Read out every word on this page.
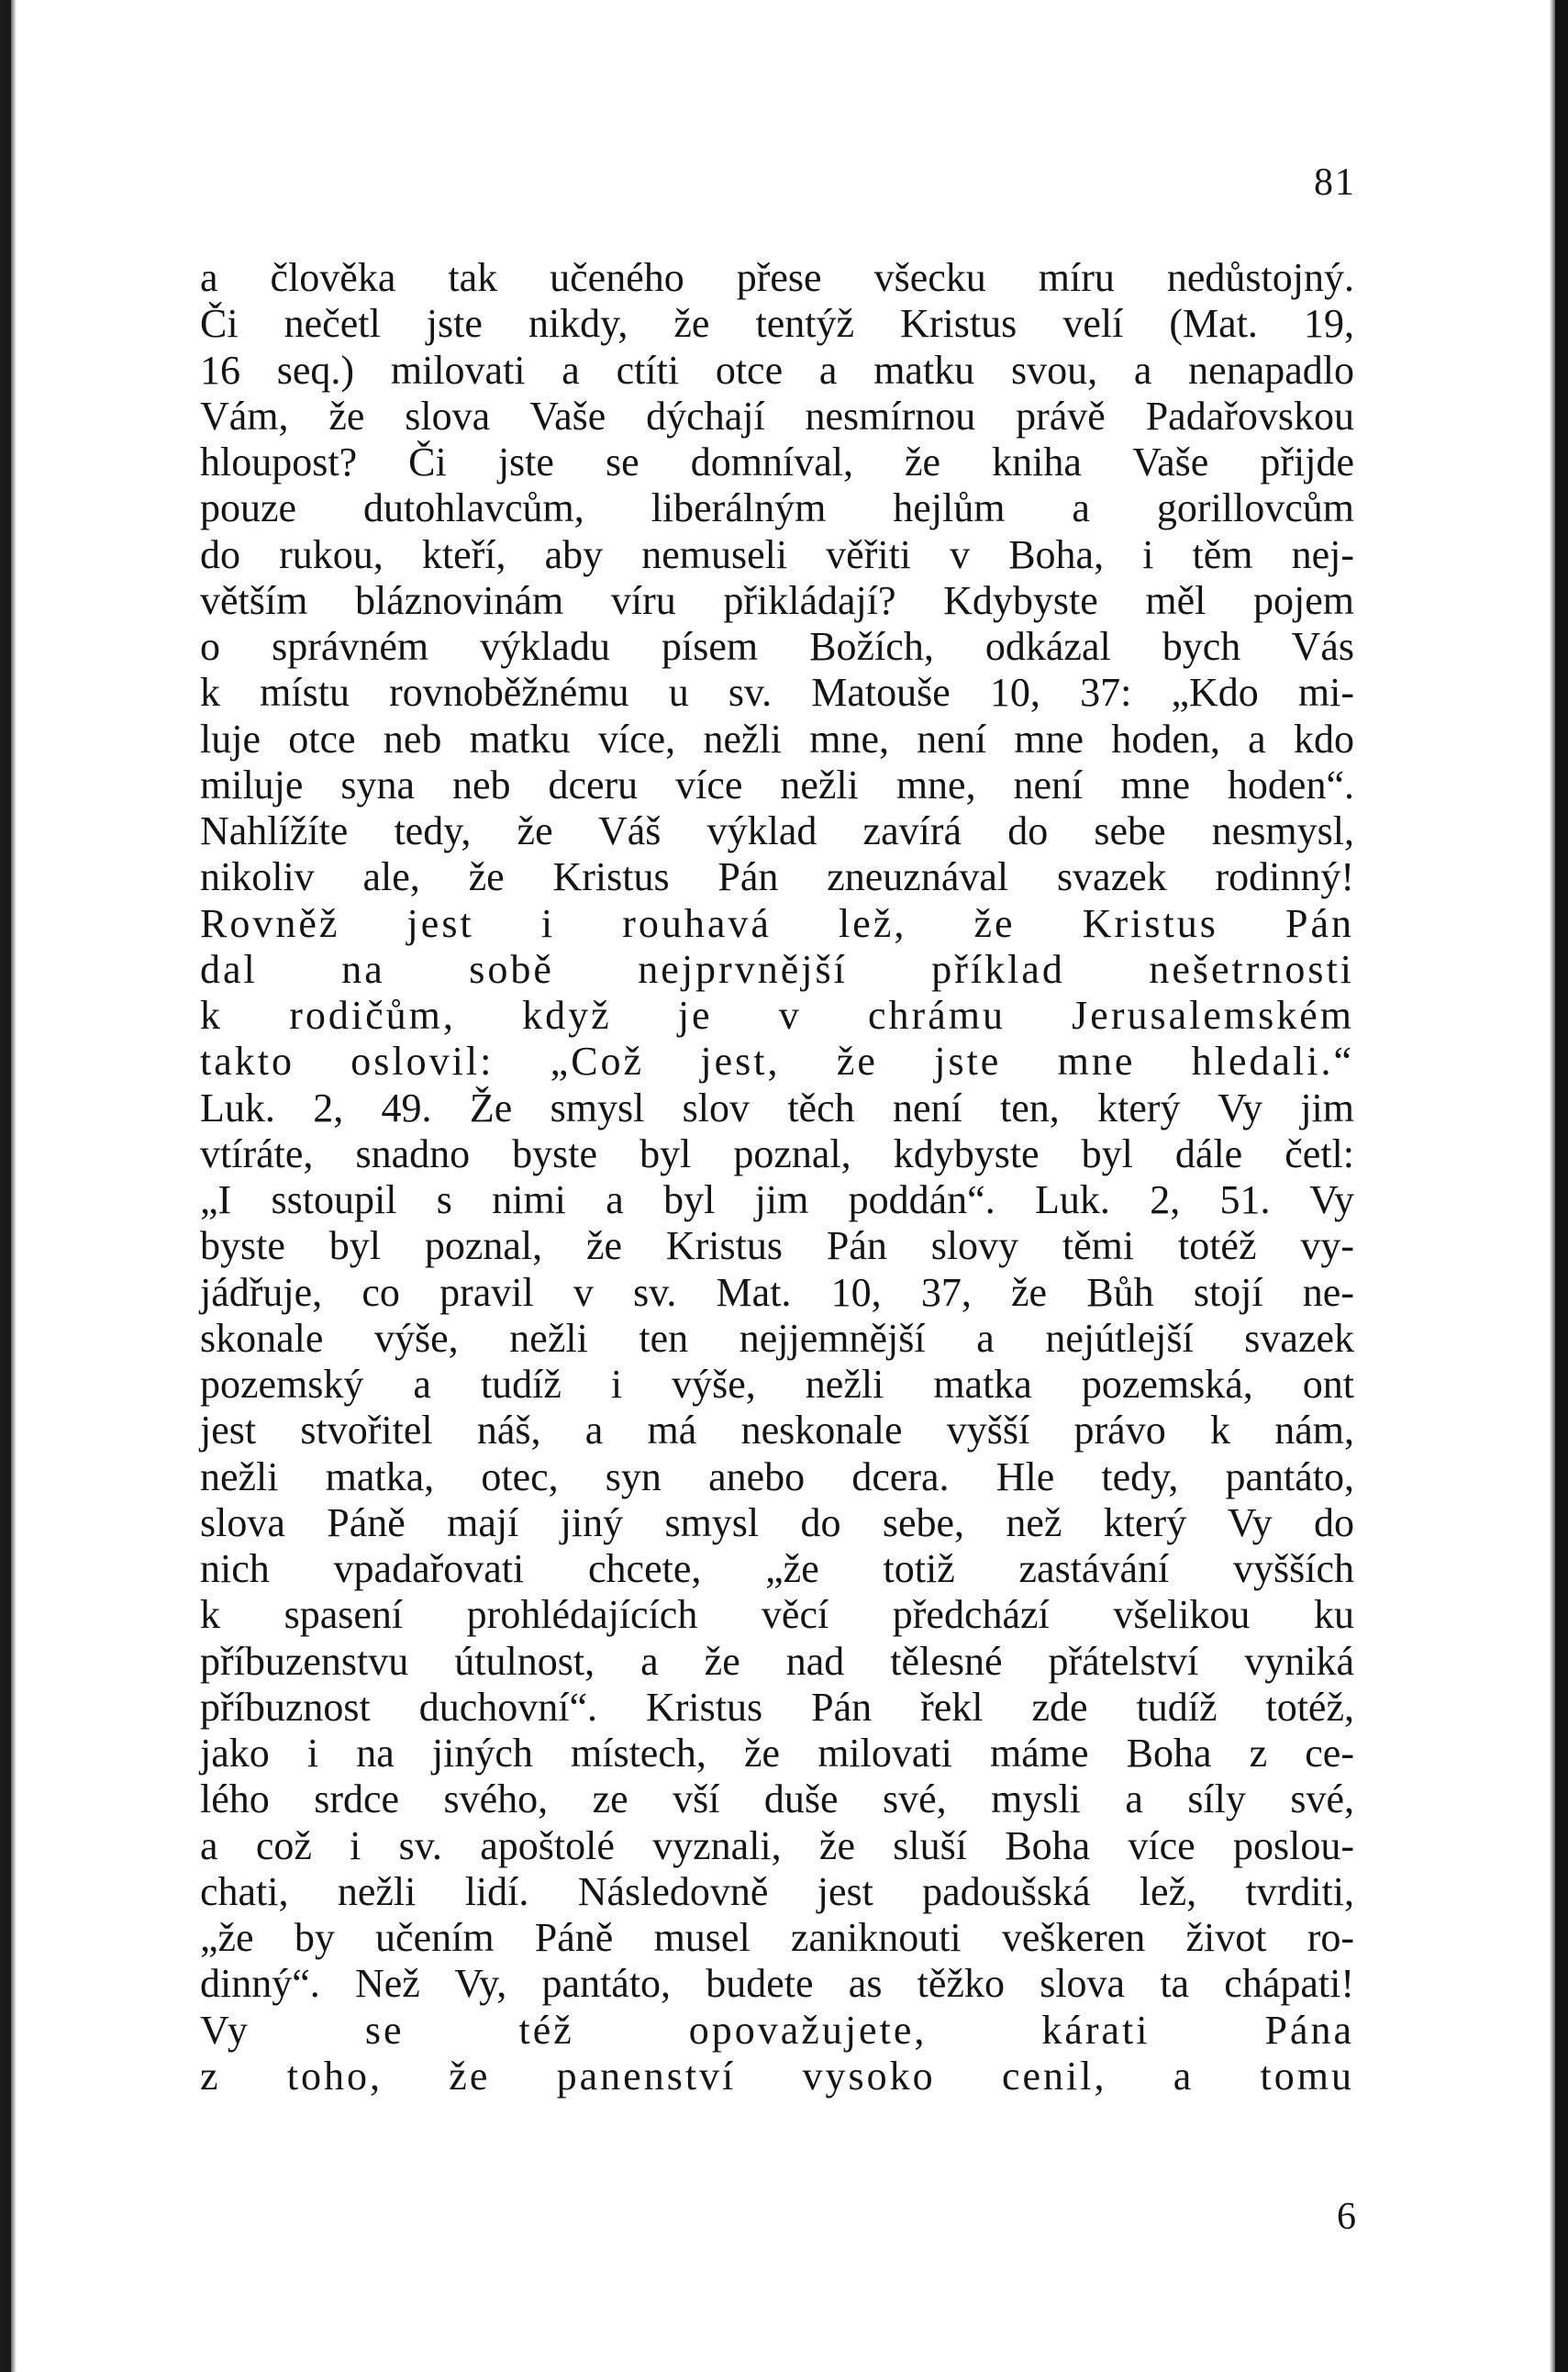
81
a člověka tak učeného přese všecku míru nedůstojný.
Či nečetl jste nikdy, že tentýž Kristus velí (Mat. 19,
16 seq.) milovati a ctíti otce a matku svou, a nenapadlo
Vám, že slova Vaše dýchají nesmírnou právě Padařovskou
hloupost? Či jste se domníval, že kniha Vaše přijde
pouze dutohlavcům, liberálným hejlům a gorillovcům
do rukou, kteří, aby nemuseli věřiti v Boha, i těm nej-
větším bláznovinám víru přikládají? Kdybyste měl pojem
o správném výkladu písem Božích, odkázal bych Vás
k místu rovnoběžnému u sv. Matouše 10, 37: „Kdo mi-
luje otce neb matku více, nežli mne, není mne hoden, a kdo
miluje syna neb dceru více nežli mne, není mne hoden“.
Nahlížíte tedy, že Váš výklad zavírá do sebe nesmysl,
nikoliv ale, že Kristus Pán zneuznával svazek rodinný!
Rovněž jest i rouhavá lež, že Kristus Pán
dal na sobě nejprvnější příklad nešetrnosti
k rodičům, když je v chrámu Jerusalemském
takto oslovil: „Což jest, že jste mne hledali.“
Luk. 2, 49. Že smysl slov těch není ten, který Vy jim
vtíráte, snadno byste byl poznal, kdybyste byl dále četl:
„I sstoupil s nimi a byl jim poddán“. Luk. 2, 51. Vy
byste byl poznal, že Kristus Pán slovy těmi totéž vy-
jádřuje, co pravil v sv. Mat. 10, 37, že Bůh stojí ne-
skonale výše, nežli ten nejjemnější a nejútlejší svazek
pozemský a tudíž i výše, nežli matka pozemská, ont
jest stvořitel náš, a má neskonale vyšší právo k nám,
nežli matka, otec, syn anebo dcera. Hle tedy, pantáto,
slova Páně mají jiný smysl do sebe, než který Vy do
nich vpadařovati chcete, „že totiž zastávání vyšších
k spasení prohlédajících věcí předchází všelikou ku
příbuzenstvu útulnost, a že nad tělesné přátelství vyniká
příbuznost duchovní“. Kristus Pán řekl zde tudíž totéž,
jako i na jiných místech, že milovati máme Boha z ce-
lého srdce svého, ze vší duše své, mysli a síly své,
a což i sv. apoštolé vyznali, že sluší Boha více poslou-
chati, nežli lidí. Následovně jest padoušská lež, tvrditi,
„že by učením Páně musel zaniknouti veškeren život ro-
dinný“. Než Vy, pantáto, budete as těžko slova ta chápati!
Vy se též opovažujete, kárati Pána
z toho, že panenství vysoko cenil, a tomu
6
